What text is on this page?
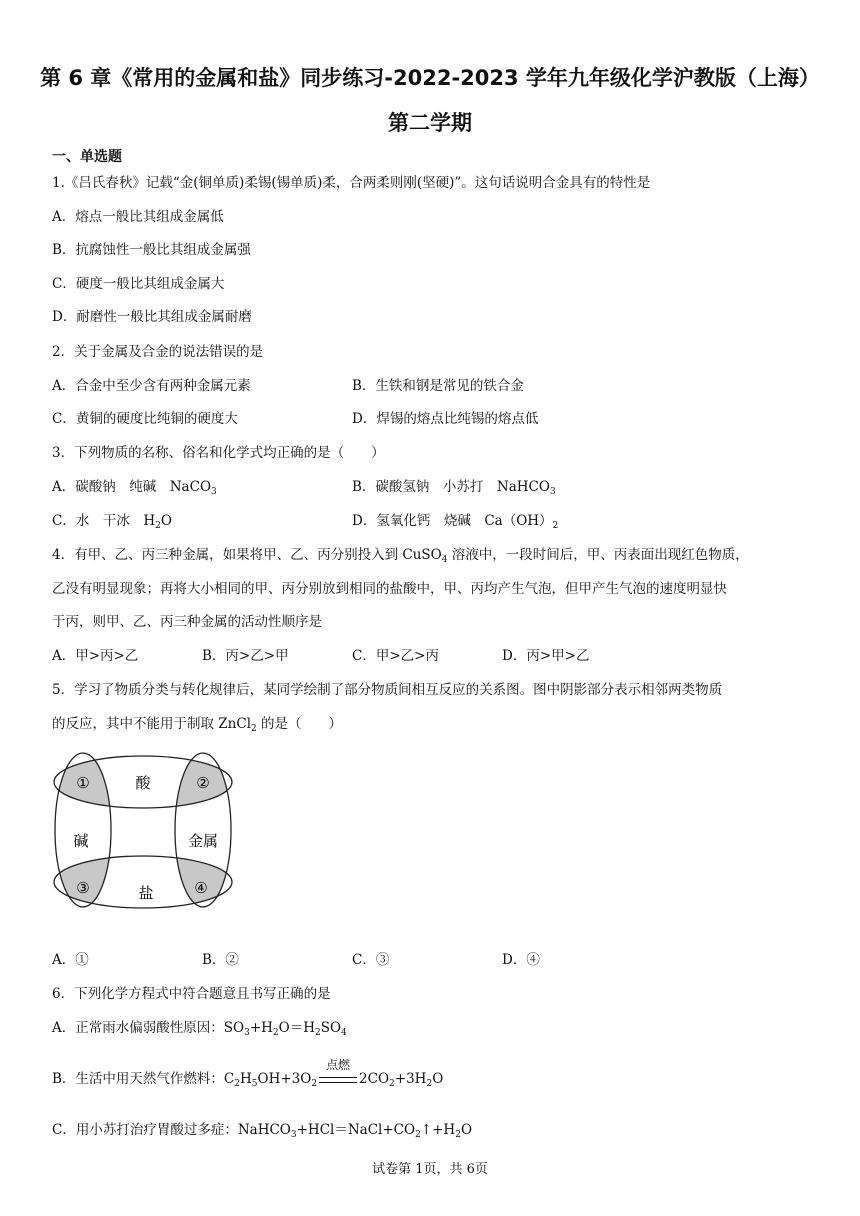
第 6 章《常用的金属和盐》同步练习-2022-2023 学年九年级化学沪教版（上海）
第二学期
一、单选题
1.《吕氏春秋》记载“金(铜单质)柔锡(锡单质)柔，合两柔则刚(坚硬)”。这句话说明合金具有的特性是
A．熔点一般比其组成金属低
B．抗腐蚀性一般比其组成金属强
C．硬度一般比其组成金属大
D．耐磨性一般比其组成金属耐磨
2．关于金属及合金的说法错误的是
A．合金中至少含有两种金属元素	B．生铁和钢是常见的铁合金
C．黄铜的硬度比纯铜的硬度大	D．焊锡的熔点比纯锡的熔点低
3．下列物质的名称、俗名和化学式均正确的是（　　）
A．碳酸钠　纯碱　NaCO$_3$	B．碳酸氢钠　小苏打　NaHCO$_3$
C．水　干冰　$H_2O$	D．氢氧化钙　烧碱　$Ca(OH)_2$
4．有甲、乙、丙三种金属，如果将甲、乙、丙分别投入到 CuSO$_4$ 溶液中，一段时间后，甲、丙表面出现红色物质，
乙没有明显现象；再将大小相同的甲、丙分别放到相同的盐酸中，甲、丙均产生气泡，但甲产生气泡的速度明显快
于丙，则甲、乙、丙三种金属的活动性顺序是
A．甲>丙>乙	B．丙>乙>甲	C．甲>乙>丙	D．丙>甲>乙
5．学习了物质分类与转化规律后，某同学绘制了部分物质间相互反应的关系图。图中阴影部分表示相邻两类物质
的反应，其中不能用于制取 ZnCl$_2$ 的是（　　）
酸
碱	金属
盐
①	②
③	④
A．①	B．②	C．③	D．④
6．下列化学方程式中符合题意且书写正确的是
A．正常雨水偏弱酸性原因：$SO_3+H_2O=H_2SO_4$
B．生活中用天然气作燃料：$C_2H_5OH+3O_2$
点燃
$2CO_2+3H_2O$
C．用小苏打治疗胃酸过多症：$NaHCO_3+HCl=NaCl+CO_2↑+H_2O$
试卷第 1页，共 6页
